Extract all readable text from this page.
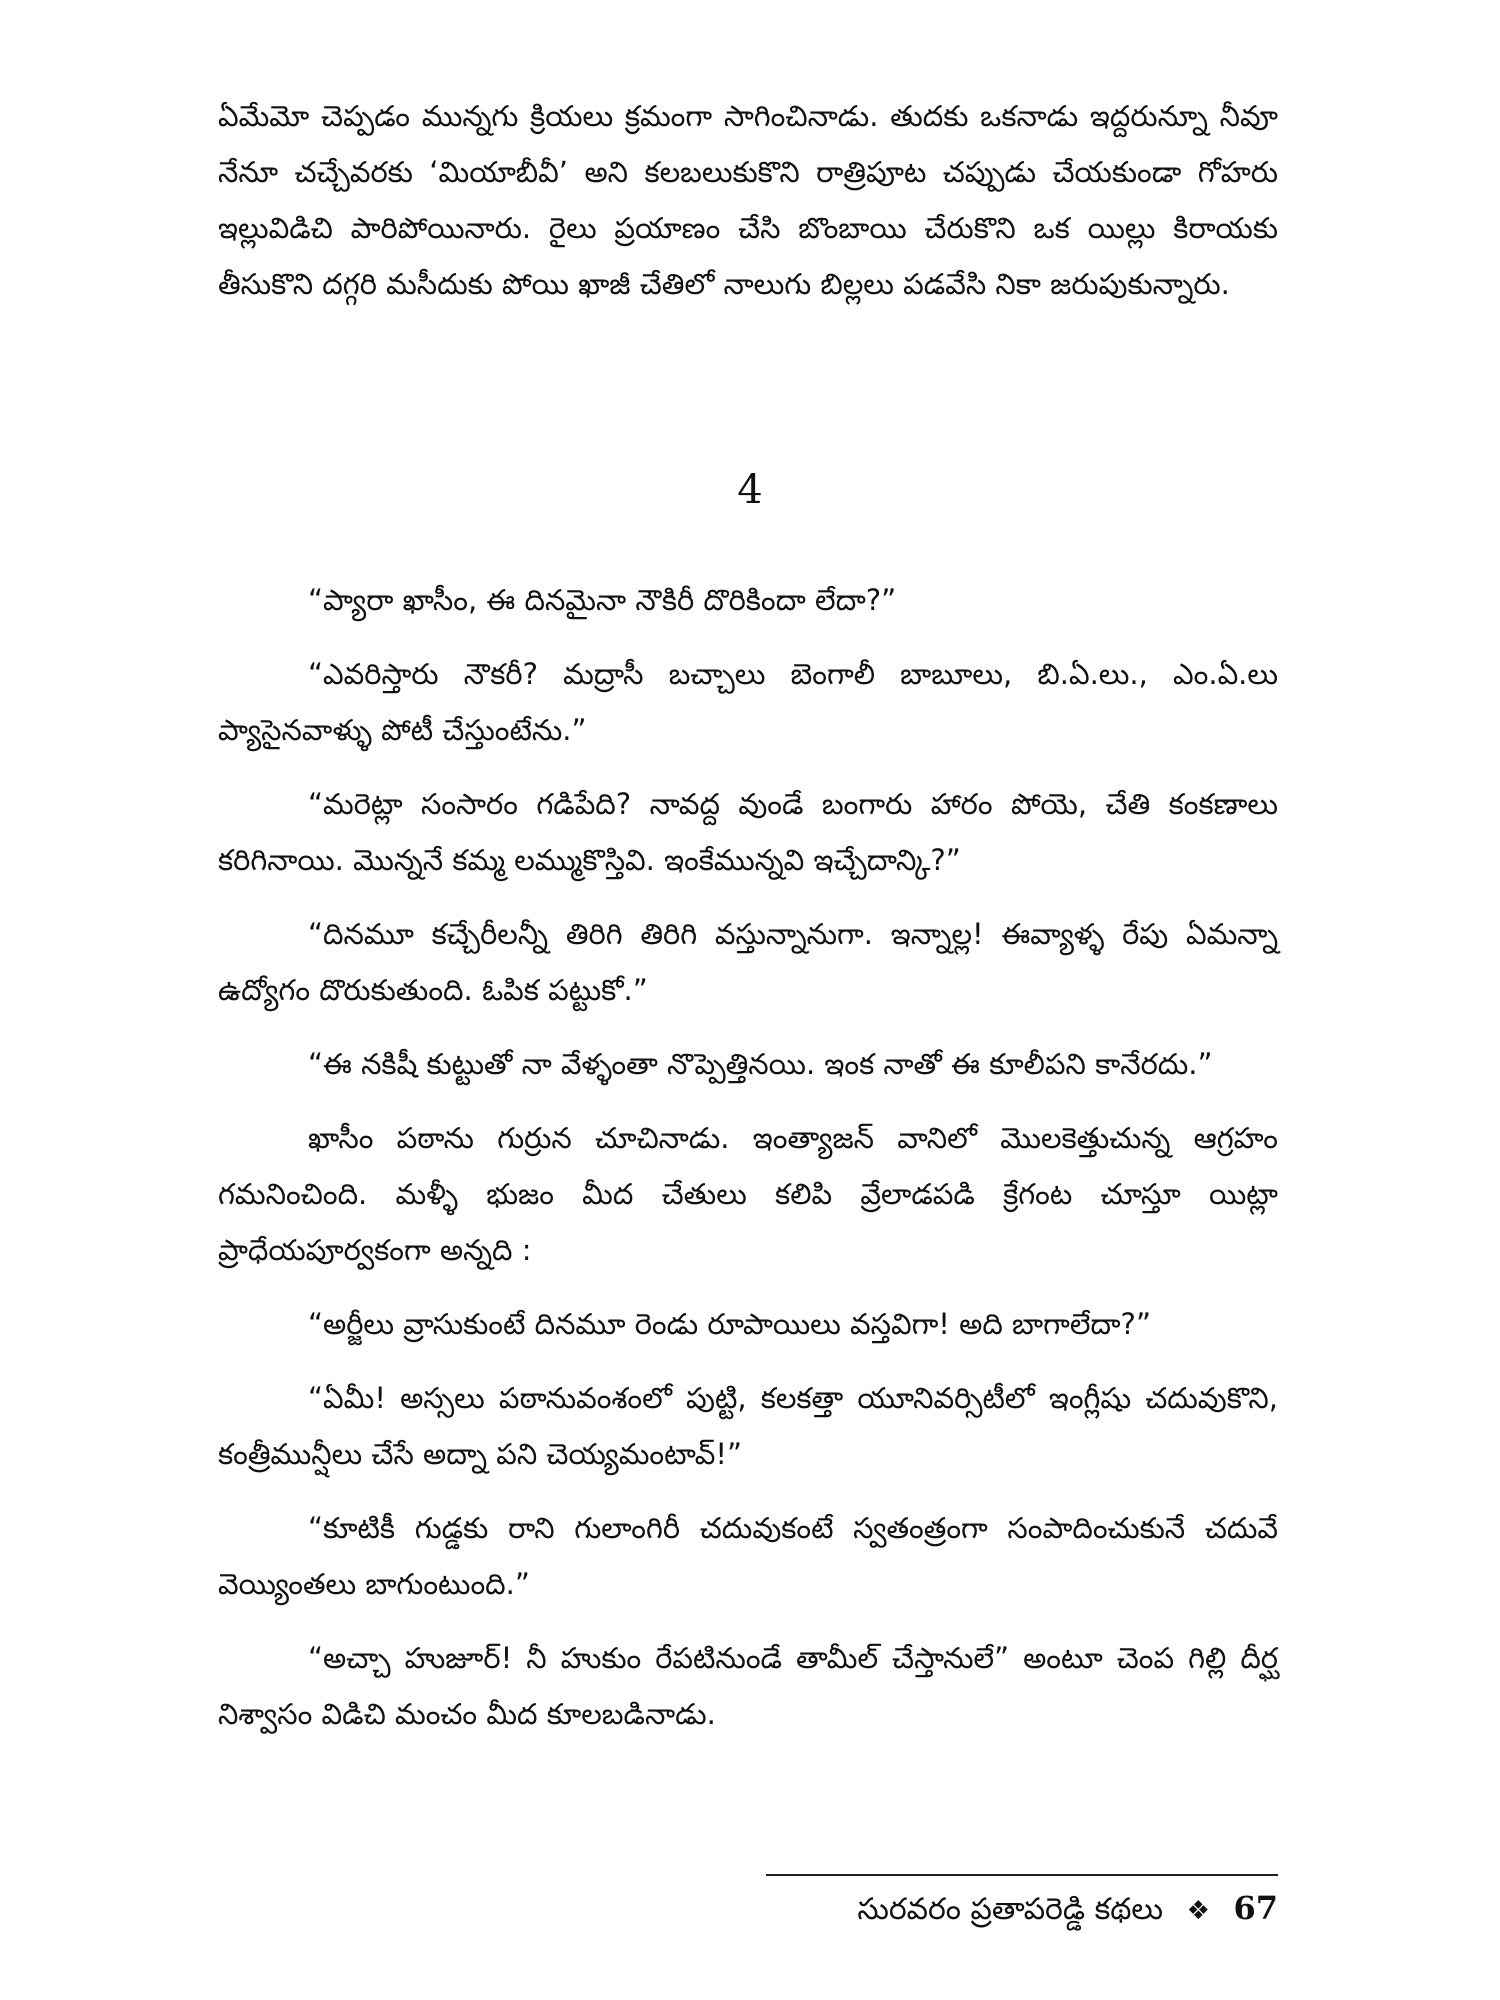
ఏమేమో చెప్పడం మున్నగు క్రియలు క్రమంగా సాగించినాడు. తుదకు ఒకనాడు ఇద్దరున్నూ నీవూ నేనూ చచ్చేవరకు ‘మియాబీవీ’ అని కలబలుకుకొని రాత్రిపూట చప్పుడు చేయకుండా గోహరు ఇల్లువిడిచి పారిపోయినారు. రైలు ప్రయాణం చేసి బొంబాయి చేరుకొని ఒక యిల్లు కిరాయకు తీసుకొని దగ్గరి మసీదుకు పోయి ఖాజీ చేతిలో నాలుగు బిల్లలు పడవేసి నికా జరుపుకున్నారు.

4

“ప్యారా ఖాసీం, ఈ దినమైనా నౌకిరీ దొరికిందా లేదా?”

“ఎవరిస్తారు నౌకరీ? మద్రాసీ బచ్చాలు బెంగాలీ బాబూలు, బి.ఏ.లు., ఎం.ఏ.లు ప్యాసైనవాళ్ళు పోటీ చేస్తుంటేను.”

“మరెట్లా సంసారం గడిపేది? నావద్ద వుండే బంగారు హారం పోయె, చేతి కంకణాలు కరిగినాయి. మొన్ననే కమ్మ లమ్ముకొస్తివి. ఇంకేమున్నవి ఇచ్చేదాన్కి?”

“దినమూ కచ్చేరీలన్నీ తిరిగి తిరిగి వస్తున్నానుగా. ఇన్నాల్ల! ఈవ్యాళ్ళ రేపు ఏమన్నా ఉద్యోగం దొరుకుతుంది. ఓపిక పట్టుకో.”

“ఈ నకిషీ కుట్టుతో నా వేళ్ళంతా నొప్పెత్తినయి. ఇంక నాతో ఈ కూలీపని కానేరదు.”

ఖాసీం పఠాను గుర్రున చూచినాడు. ఇంత్యాజన్ వానిలో మొలకెత్తుచున్న ఆగ్రహం గమనించింది. మళ్ళీ భుజం మీద చేతులు కలిపి వ్రేలాడపడి క్రేగంట చూస్తూ యిట్లా ప్రాధేయపూర్వకంగా అన్నది :

“అర్జీలు వ్రాసుకుంటే దినమూ రెండు రూపాయిలు వస్తవిగా! అది బాగాలేదా?”

“ఏమీ! అస్సలు పఠానువంశంలో పుట్టి, కలకత్తా యూనివర్సిటీలో ఇంగ్లీషు చదువుకొని, కంత్రీమున్షీలు చేసే అద్నా పని చెయ్యమంటావ్!”

“కూటికీ గుడ్డకు రాని గులాంగిరీ చదువుకంటే స్వతంత్రంగా సంపాదించుకునే చదువే వెయ్యింతలు బాగుంటుంది.”

“అచ్చా హుజూర్! నీ హుకుం రేపటినుండే తామీల్ చేస్తానులే” అంటూ చెంప గిల్లి దీర్ఘ నిశ్వాసం విడిచి మంచం మీద కూలబడినాడు.

సురవరం ప్రతాపరెడ్డి కథలు ❖ 67
